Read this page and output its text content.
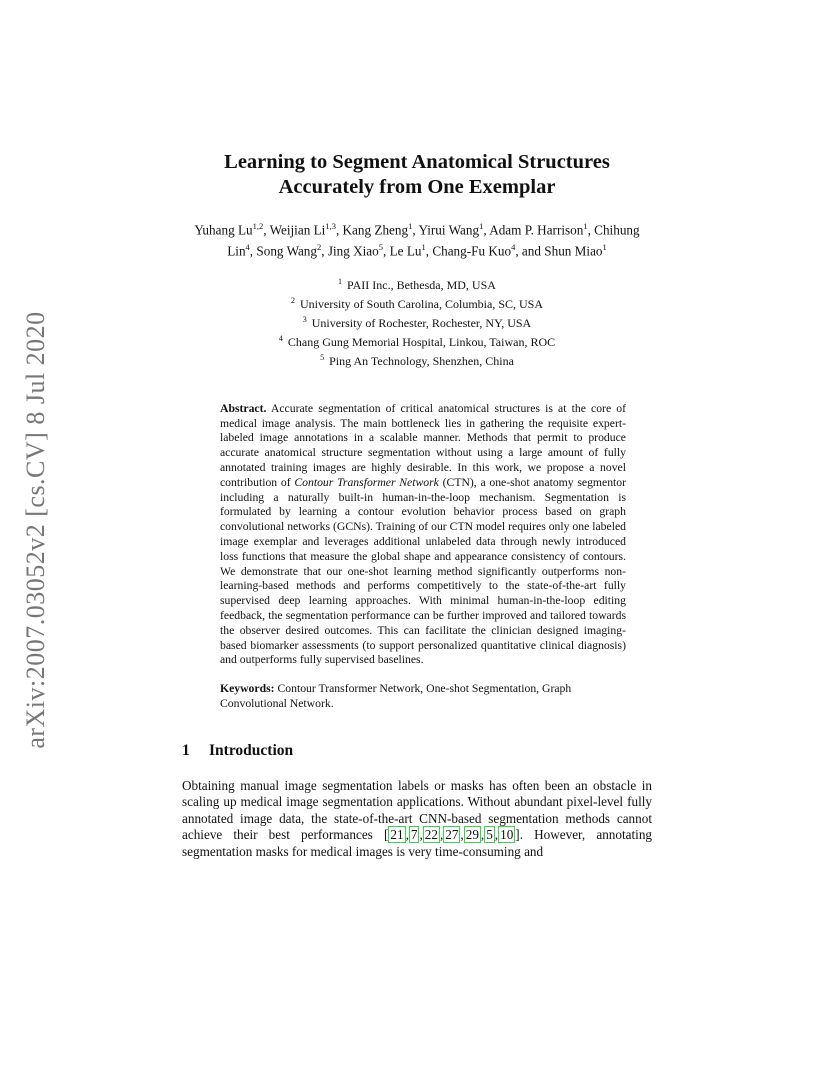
arXiv:2007.03052v2 [cs.CV] 8 Jul 2020
Learning to Segment Anatomical Structures
Accurately from One Exemplar
Yuhang Lu$^{1,2}$, Weijian Li$^{1,3}$, Kang Zheng$^1$, Yirui Wang$^1$, Adam P. Harrison$^1$, Chihung Lin$^4$, Song Wang$^2$, Jing Xiao$^5$, Le Lu$^1$, Chang-Fu Kuo$^4$, and Shun Miao$^1$
$^1$ PAII Inc., Bethesda, MD, USA
$^2$ University of South Carolina, Columbia, SC, USA
$^3$ University of Rochester, Rochester, NY, USA
$^4$ Chang Gung Memorial Hospital, Linkou, Taiwan, ROC
$^5$ Ping An Technology, Shenzhen, China
Abstract. Accurate segmentation of critical anatomical structures is at the core of medical image analysis. The main bottleneck lies in gathering the requisite expert-labeled image annotations in a scalable manner. Methods that permit to produce accurate anatomical structure segmentation without using a large amount of fully annotated training images are highly desirable. In this work, we propose a novel contribution of Contour Transformer Network (CTN), a one-shot anatomy segmentor including a naturally built-in human-in-the-loop mechanism. Segmentation is formulated by learning a contour evolution behavior process based on graph convolutional networks (GCNs). Training of our CTN model requires only one labeled image exemplar and leverages additional unlabeled data through newly introduced loss functions that measure the global shape and appearance consistency of contours. We demonstrate that our one-shot learning method significantly outperforms non-learning-based methods and performs competitively to the state-of-the-art fully supervised deep learning approaches. With minimal human-in-the-loop editing feedback, the segmentation performance can be further improved and tailored towards the observer desired outcomes. This can facilitate the clinician designed imaging-based biomarker assessments (to support personalized quantitative clinical diagnosis) and outperforms fully supervised baselines.
Keywords: Contour Transformer Network, One-shot Segmentation, Graph Convolutional Network.
1 Introduction
Obtaining manual image segmentation labels or masks has often been an obstacle in scaling up medical image segmentation applications. Without abundant pixel-level fully annotated image data, the state-of-the-art CNN-based segmentation methods cannot achieve their best performances [ 21 , 7 , 22 , 27 , 29 , 5 , 10 ]. However, annotating segmentation masks for medical images is very time-consuming and
